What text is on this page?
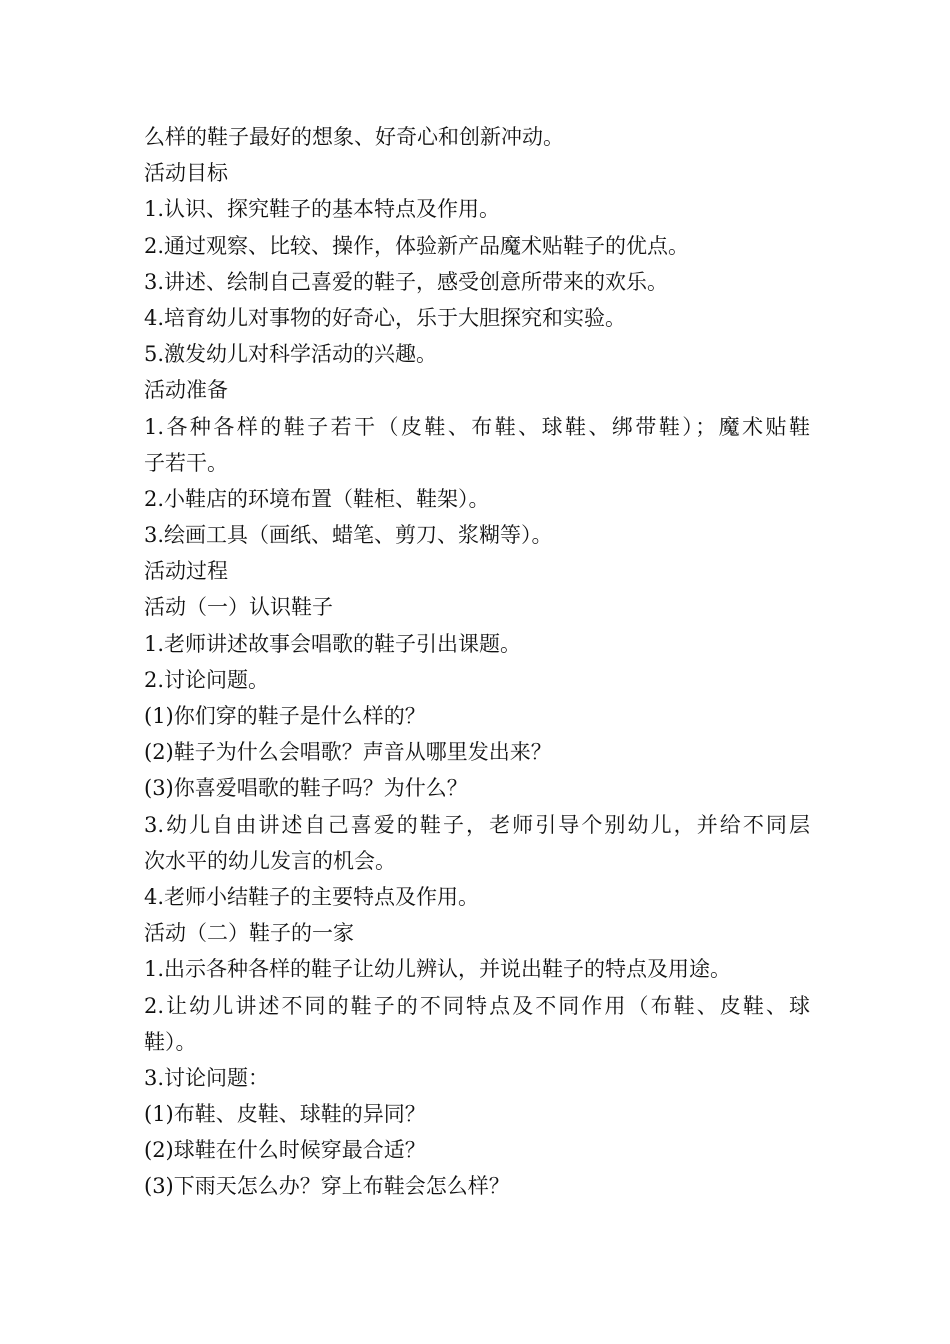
么样的鞋子最好的想象、好奇心和创新冲动。

活动目标

1.认识、探究鞋子的基本特点及作用。

2.通过观察、比较、操作，体验新产品魔术贴鞋子的优点。

3.讲述、绘制自己喜爱的鞋子，感受创意所带来的欢乐。

4.培育幼儿对事物的好奇心，乐于大胆探究和实验。

5.激发幼儿对科学活动的兴趣。

活动准备

1.各种各样的鞋子若干（皮鞋、布鞋、球鞋、绑带鞋）；魔术贴鞋

子若干。

2.小鞋店的环境布置（鞋柜、鞋架）。

3.绘画工具（画纸、蜡笔、剪刀、浆糊等）。

活动过程

活动（一）认识鞋子

1.老师讲述故事会唱歌的鞋子引出课题。

2.讨论问题。

(1)你们穿的鞋子是什么样的？

(2)鞋子为什么会唱歌？声音从哪里发出来？

(3)你喜爱唱歌的鞋子吗？为什么？

3.幼儿自由讲述自己喜爱的鞋子，老师引导个别幼儿，并给不同层

次水平的幼儿发言的机会。

4.老师小结鞋子的主要特点及作用。

活动（二）鞋子的一家

1.出示各种各样的鞋子让幼儿辨认，并说出鞋子的特点及用途。

2.让幼儿讲述不同的鞋子的不同特点及不同作用（布鞋、皮鞋、球

鞋）。

3.讨论问题：

(1)布鞋、皮鞋、球鞋的异同？

(2)球鞋在什么时候穿最合适？

(3)下雨天怎么办？穿上布鞋会怎么样？
